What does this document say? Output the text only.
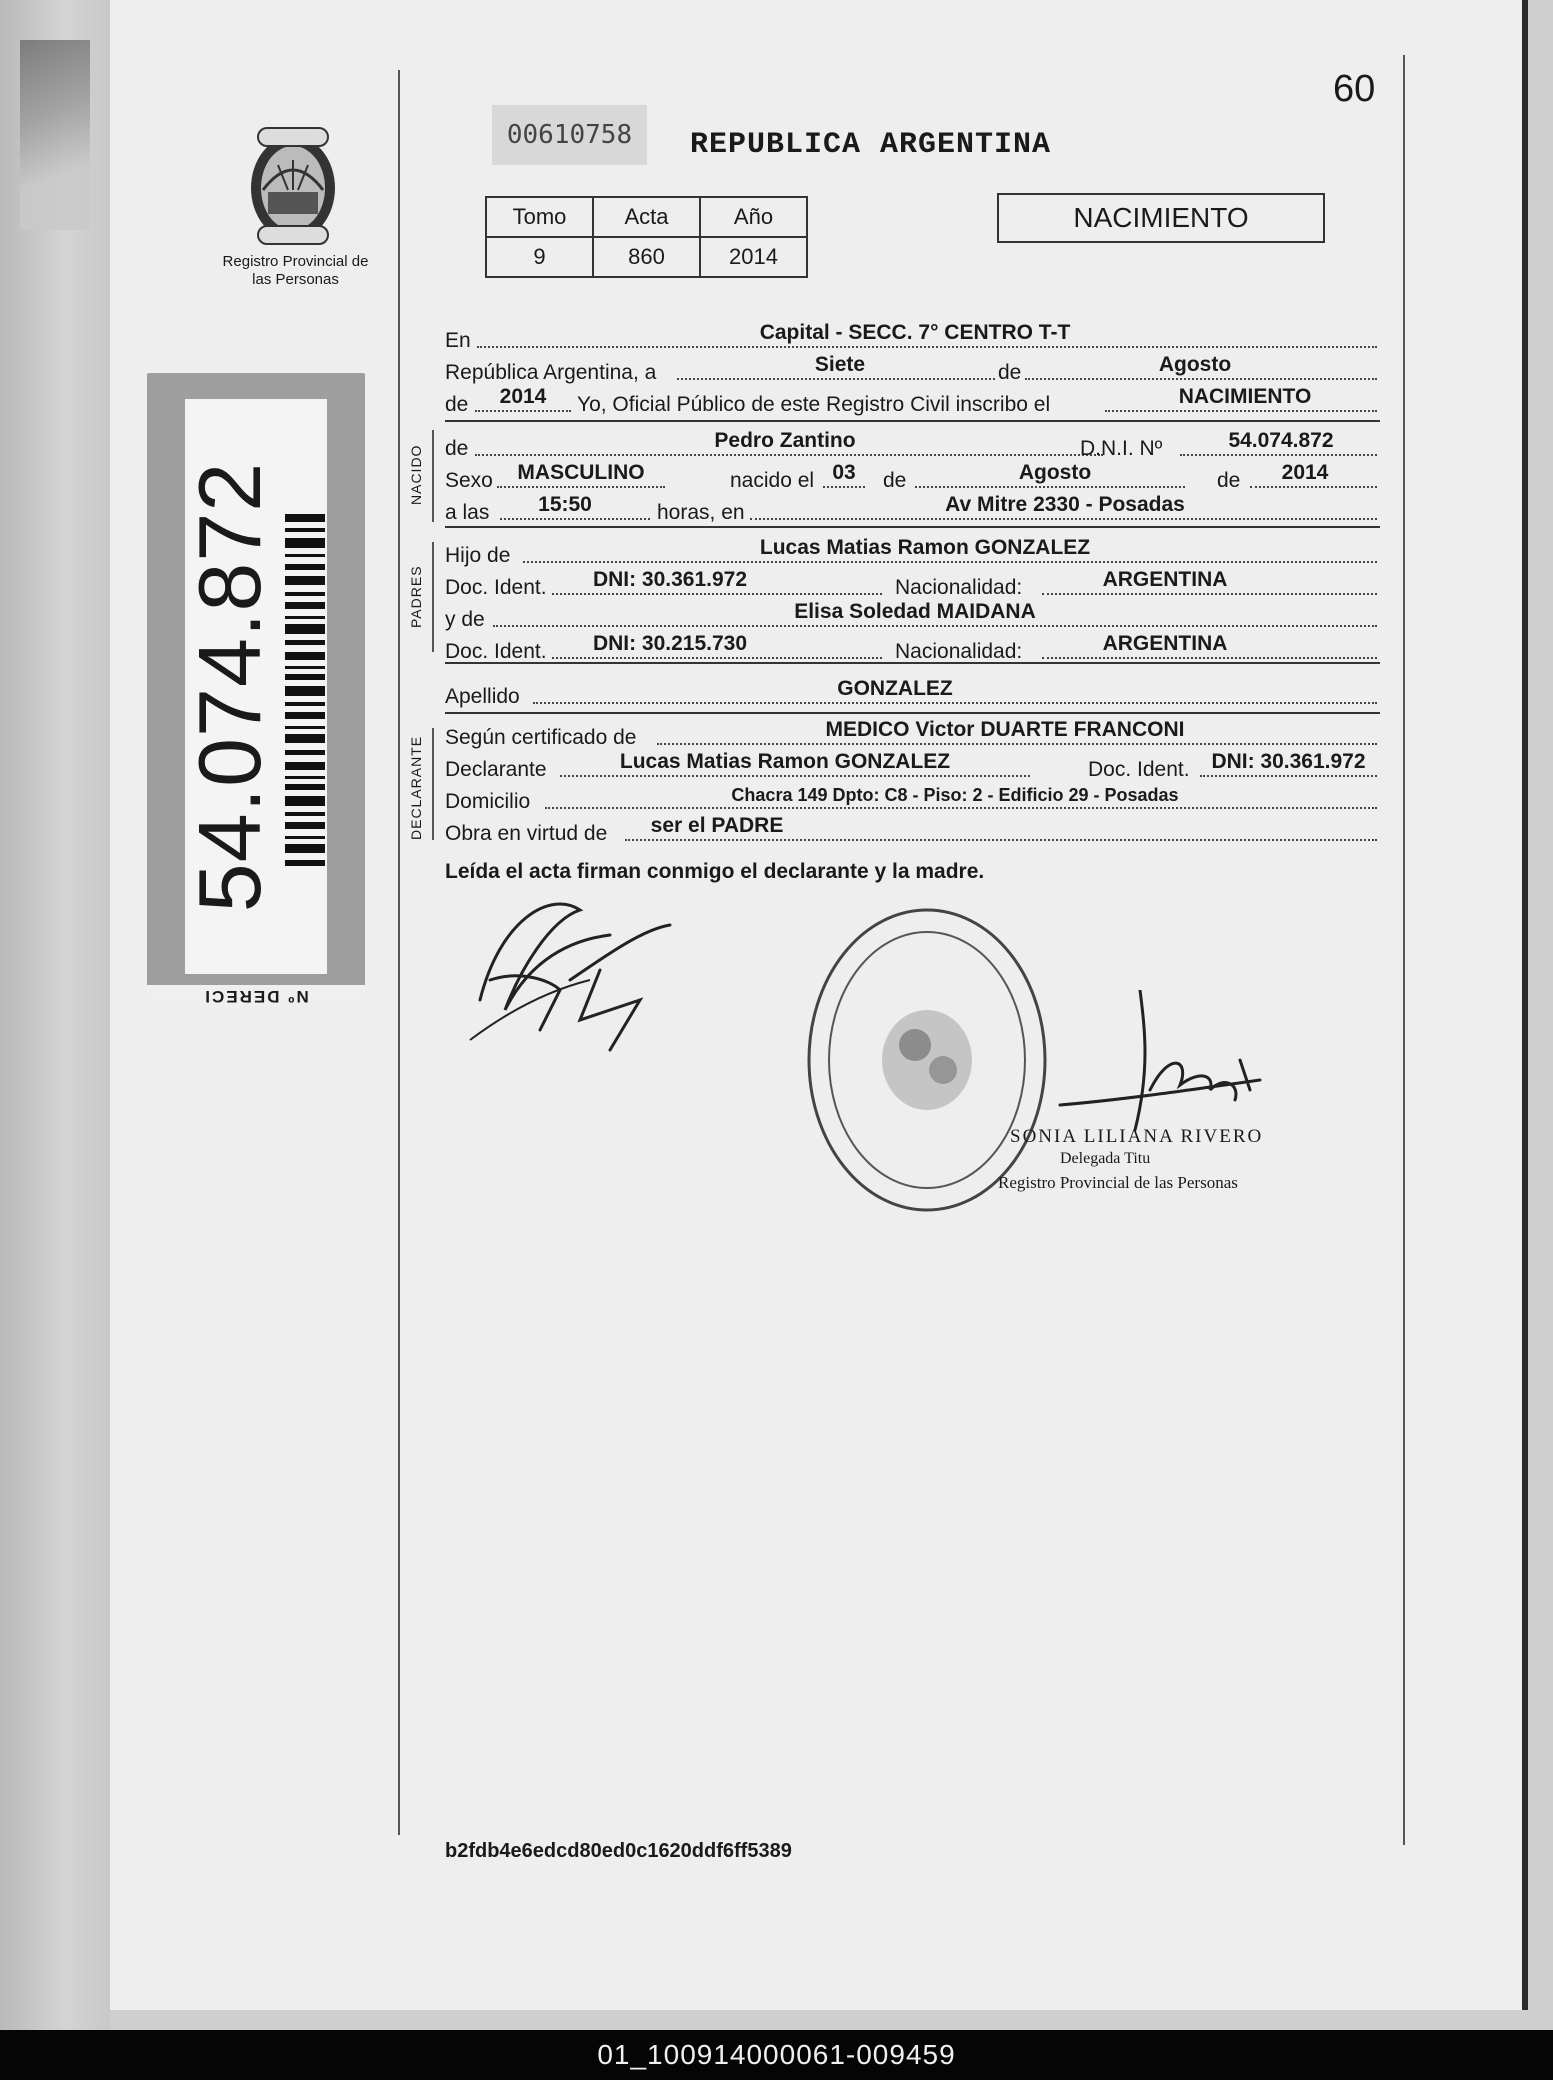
60
00610758	REPUBLICA ARGENTINA
Tomo	Acta	Año
9	860	2014
NACIMIENTO
Registro Provincial de las Personas
54.074.872
Nº DERECI
NACIDO
PADRES
DECLARANTE
En	Capital - SECC. 7° CENTRO T-T
República Argentina, a	Siete	de	Agosto
de	2014	Yo, Oficial Público de este Registro Civil inscribo el	NACIMIENTO
de	Pedro Zantino	D.N.I. Nº	54.074.872
Sexo	MASCULINO	nacido el 03	de	Agosto	de	2014
a las	15:50	horas, en	Av Mitre 2330 - Posadas
Hijo de	Lucas Matias Ramon GONZALEZ
Doc. Ident.	DNI: 30.361.972	Nacionalidad:	ARGENTINA
y de	Elisa Soledad MAIDANA
Doc. Ident.	DNI: 30.215.730	Nacionalidad:	ARGENTINA
Apellido	GONZALEZ
Según certificado de	MEDICO Victor DUARTE FRANCONI
Declarante	Lucas Matias Ramon GONZALEZ	Doc. Ident.	DNI: 30.361.972
Domicilio	Chacra 149 Dpto: C8 - Piso: 2 - Edificio 29 - Posadas
Obra en virtud de	ser el PADRE
Leída el acta firman conmigo el declarante y la madre.
SONIA LILIANA RIVERO
Delegada Titu
Registro Provincial de las Personas
b2fdb4e6edcd80ed0c1620ddf6ff5389
01_100914000061-009459
